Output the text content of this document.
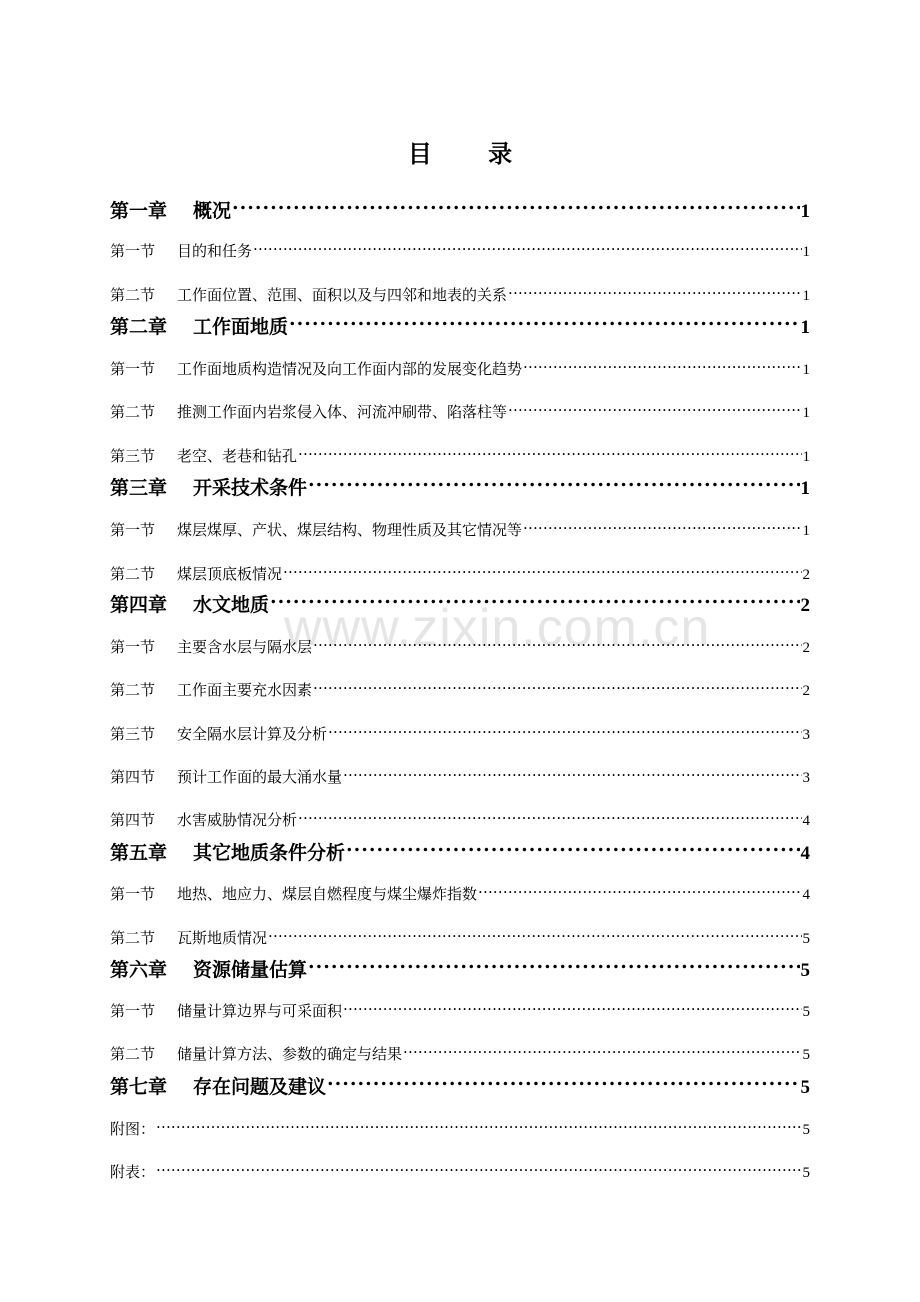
www.zixin.com.cn
目 录
第一章 概况 .....	1
第一节 目的和任务 .....	1
第二节 工作面位置、范围、面积以及与四邻和地表的关系 .....	1
第二章 工作面地质 .....	1
第一节 工作面地质构造情况及向工作面内部的发展变化趋势 .....	1
第二节 推测工作面内岩浆侵入体、河流冲刷带、陷落柱等 .....	1
第三节 老空、老巷和钻孔 .....	1
第三章 开采技术条件 .....	1
第一节 煤层煤厚、产状、煤层结构、物理性质及其它情况等 .....	1
第二节 煤层顶底板情况 .....	2
第四章 水文地质 .....	2
第一节 主要含水层与隔水层 .....	2
第二节 工作面主要充水因素 .....	2
第三节 安全隔水层计算及分析 .....	3
第四节 预计工作面的最大涌水量 .....	3
第四节 水害威胁情况分析 .....	4
第五章 其它地质条件分析 .....	4
第一节 地热、地应力、煤层自燃程度与煤尘爆炸指数 .....	4
第二节 瓦斯地质情况 .....	5
第六章 资源储量估算 .....	5
第一节 储量计算边界与可采面积 .....	5
第二节 储量计算方法、参数的确定与结果 .....	5
第七章 存在问题及建议 .....	5
附图： .....	5
附表： .....	5
